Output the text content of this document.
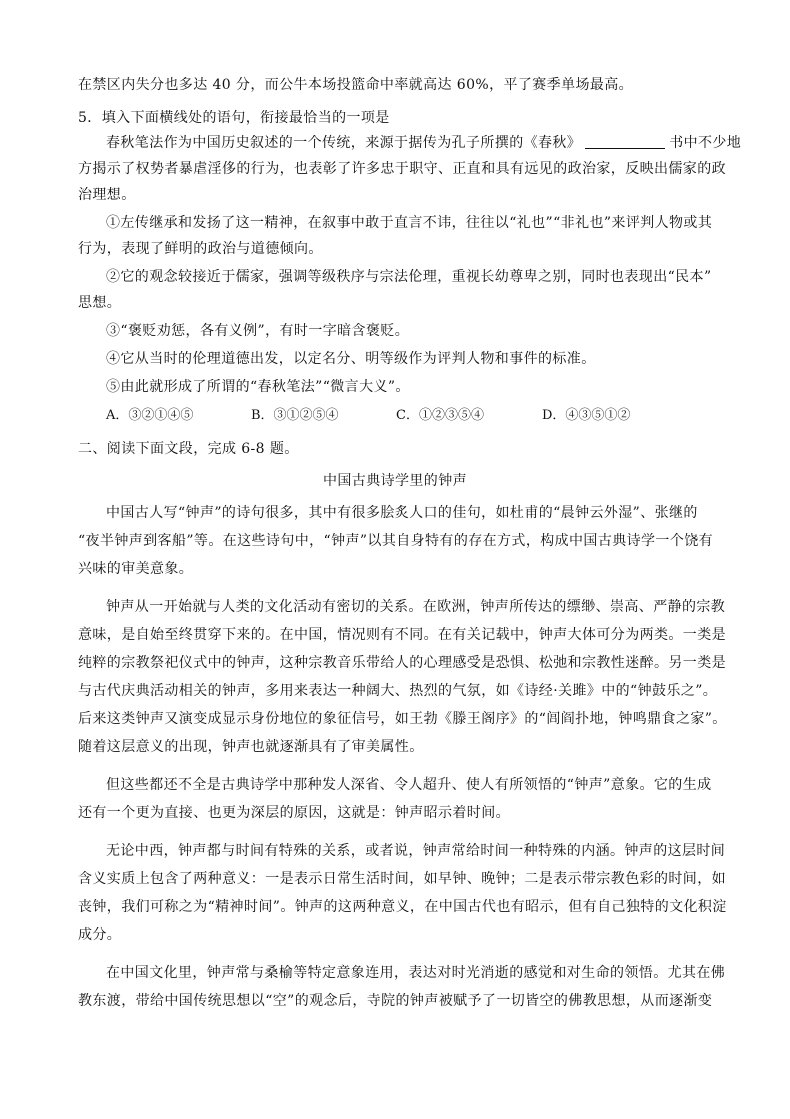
在禁区内失分也多达 40 分，而公牛本场投篮命中率就高达 60%，平了赛季单场最高。
5．填入下面横线处的语句，衔接最恰当的一项是
春秋笔法作为中国历史叙述的一个传统，来源于据传为孔子所撰的《春秋》	书中不少地
方揭示了权势者暴虐淫侈的行为，也表彰了许多忠于职守、正直和具有远见的政治家，反映出儒家的政
治理想。
①左传继承和发扬了这一精神，在叙事中敢于直言不讳，往往以“礼也”“非礼也”来评判人物或其
行为，表现了鲜明的政治与道德倾向。
②它的观念较接近于儒家，强调等级秩序与宗法伦理，重视长幼尊卑之别，同时也表现出“民本”
思想。
③“褒贬劝惩，各有义例”，有时一字暗含褒贬。
④它从当时的伦理道德出发，以定名分、明等级作为评判人物和事件的标准。
⑤由此就形成了所谓的“春秋笔法”“微言大义”。
A．③②①④⑤	B．③①②⑤④	C．①②③⑤④	D．④③⑤①②
二、阅读下面文段，完成 6-8 题。
中国古典诗学里的钟声
中国古人写“钟声”的诗句很多，其中有很多脍炙人口的佳句，如杜甫的“晨钟云外湿”、张继的
“夜半钟声到客船”等。在这些诗句中，“钟声”以其自身特有的存在方式，构成中国古典诗学一个饶有
兴味的审美意象。
钟声从一开始就与人类的文化活动有密切的关系。在欧洲，钟声所传达的缥缈、崇高、严静的宗教
意味，是自始至终贯穿下来的。在中国，情况则有不同。在有关记载中，钟声大体可分为两类。一类是
纯粹的宗教祭祀仪式中的钟声，这种宗教音乐带给人的心理感受是恐惧、松弛和宗教性迷醉。另一类是
与古代庆典活动相关的钟声，多用来表达一种阔大、热烈的气氛，如《诗经·关雎》中的“钟鼓乐之”。
后来这类钟声又演变成显示身份地位的象征信号，如王勃《滕王阁序》的“闾阎扑地，钟鸣鼎食之家”。
随着这层意义的出现，钟声也就逐渐具有了审美属性。
但这些都还不全是古典诗学中那种发人深省、令人超升、使人有所领悟的“钟声”意象。它的生成
还有一个更为直接、也更为深层的原因，这就是：钟声昭示着时间。
无论中西，钟声都与时间有特殊的关系，或者说，钟声常给时间一种特殊的内涵。钟声的这层时间
含义实质上包含了两种意义：一是表示日常生活时间，如早钟、晚钟；二是表示带宗教色彩的时间，如
丧钟，我们可称之为“精神时间”。钟声的这两种意义，在中国古代也有昭示，但有自己独特的文化积淀
成分。
在中国文化里，钟声常与桑榆等特定意象连用，表达对时光消逝的感觉和对生命的领悟。尤其在佛
教东渡，带给中国传统思想以“空”的观念后，寺院的钟声被赋予了一切皆空的佛教思想，从而逐渐变
